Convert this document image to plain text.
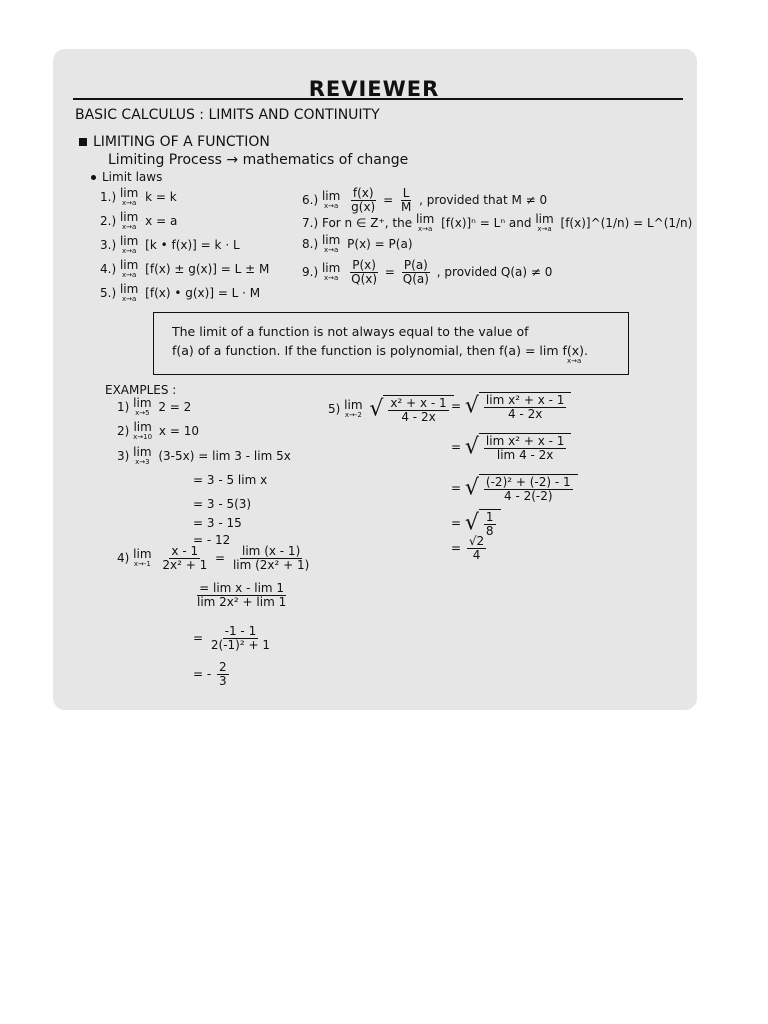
REVIEWER
BASIC CALCULUS : LIMITS AND CONTINUITY
LIMITING OF A FUNCTION
Limiting Process → mathematics of change
Limit laws
1.) lim
x→a k = k
2.) lim
x→a x = a
3.) lim
x→a [k • f(x)] = k · L
4.) lim
x→a [f(x) ± g(x)] = L ± M
5.) lim
x→a [f(x) • g(x)] = L · M
6.) lim
x→a
$\frac{f(x)}{g(x)} = \frac{L}{M}$ , provided that M ≠ 0
7.) For n ∈ Z⁺, the lim
x→a [f(x)]ⁿ = Lⁿ and lim
x→a [f(x)]^(1/n) = L^(1/n)
8.) lim
x→a P(x) = P(a)
9.) lim
x→a
$\frac{P(x)}{Q(x)} = \frac{P(a)}{Q(a)}$ , provided Q(a) ≠ 0
The limit of a function is not always equal to the value of
f(a) of a function. If the function is polynomial, then f(a) = lim f(x).
x→a
EXAMPLES :
1) lim
x→5 2 = 2
2) lim
x→10 x = 10
3) lim
x→3 (3-5x) = lim 3 - lim 5x
= 3 - 5 lim x
= 3 - 5(3)
= 3 - 15
= - 12
4) lim
x→-1
$\frac{x - 1}{\text{2x² + 1}} = \frac{\lim (x - 1)}{\text{lim (2x² + 1)}}$
$\frac{\text{= lim x - lim 1}}{\text{lim 2x² + lim 1}}$
= $\frac{-1 - 1}{\text{2(-1)² + 1}}$
= - $\frac{2}{3}$
5) lim
x→-2 √ $\frac{\text{x² + x - 1}}{4 - 2x}$ = √ $\frac{\text{lim x² + x - 1}}{4 - 2x}$
= √ $\frac{\text{lim x² + x - 1}}{\lim 4 - 2x}$
= √ $\frac{\text{(-2)² + (-2) - 1}}{4 - 2(-2)}$
= √ $\frac{1}{8}$
= $\frac{√2}{4}$
